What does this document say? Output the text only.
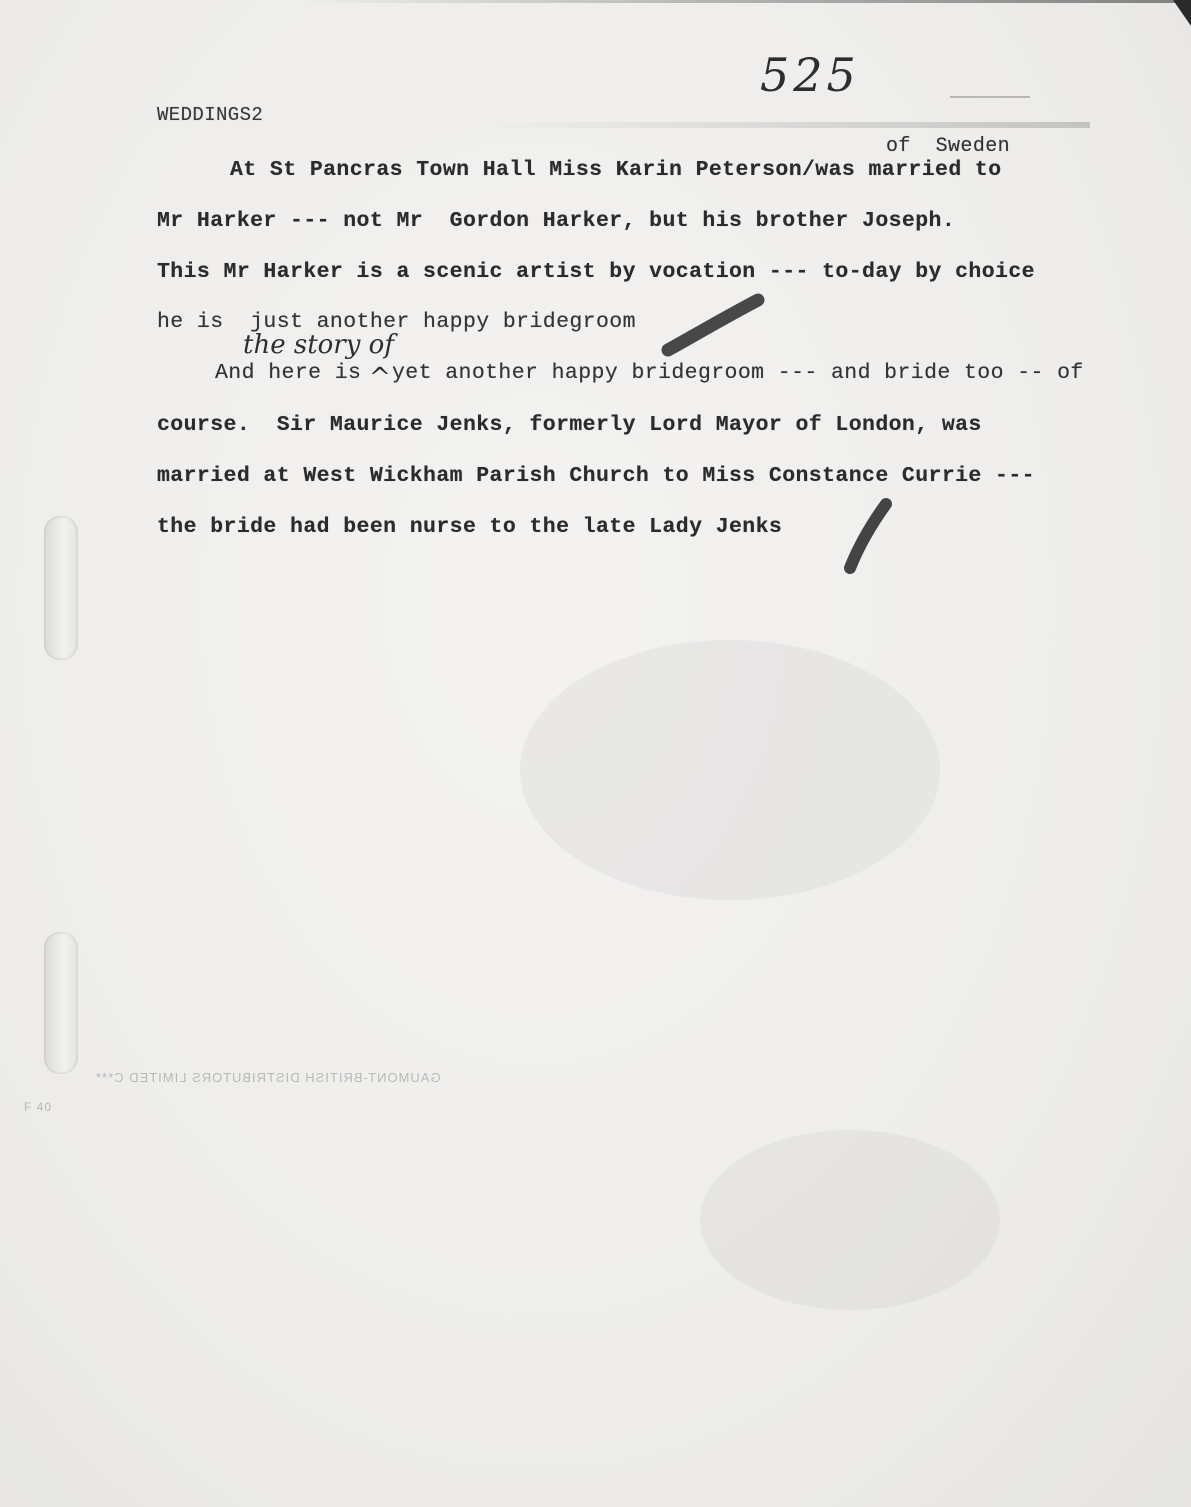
525
WEDDINGS2
of  Sweden
At St Pancras Town Hall Miss Karin Peterson/was married to
Mr Harker --- not Mr  Gordon Harker, but his brother Joseph.
This Mr Harker is a scenic artist by vocation --- to-day by choice
he is  just another happy bridegroom
the story of
And here is ^ yet another happy bridegroom --- and bride too -- of
course.  Sir Maurice Jenks, formerly Lord Mayor of London, was
married at West Wickham Parish Church to Miss Constance Currie ---
the bride had been nurse to the late Lady Jenks
GAUMONT-BRITISH DISTRIBUTORS LIMITED C***
F 40
